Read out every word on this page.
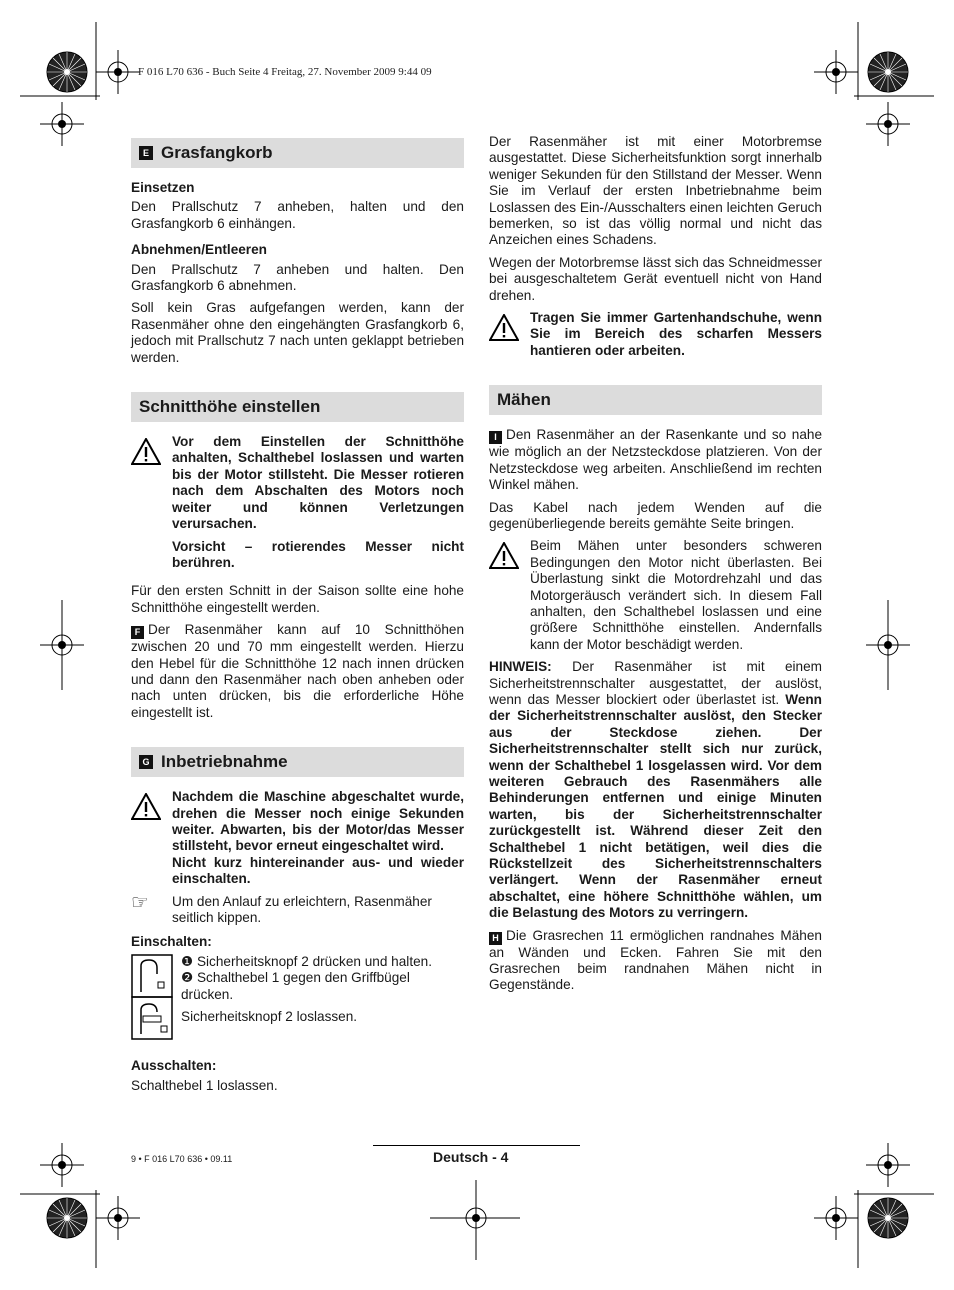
F 016 L70 636 - Buch Seite 4 Freitag, 27. November 2009 9:44 09
E Grasfangkorb
Einsetzen

Den Prallschutz 7 anheben, halten und den Grasfangkorb 6 einhängen.

Abnehmen/Entleeren

Den Prallschutz 7 anheben und halten. Den Grasfangkorb 6 abnehmen.

Soll kein Gras aufgefangen werden, kann der Rasenmäher ohne den eingehängten Grasfangkorb 6, jedoch mit Prallschutz 7 nach unten geklappt betrieben werden.

Schnitthöhe einstellen

Vor dem Einstellen der Schnitthöhe anhalten, Schalthebel loslassen und warten bis der Motor stillsteht. Die Messer rotieren nach dem Abschalten des Motors noch weiter und können Verletzungen verursachen.

Vorsicht – rotierendes Messer nicht berühren.

Für den ersten Schnitt in der Saison sollte eine hohe Schnitthöhe eingestellt werden.

F Der Rasenmäher kann auf 10 Schnitthöhen zwischen 20 und 70 mm eingestellt werden. Hierzu den Hebel für die Schnitthöhe 12 nach innen drücken und dann den Rasenmäher nach oben anheben oder nach unten drücken, bis die erforderliche Höhe eingestellt ist.

G Inbetriebnahme
Nachdem die Maschine abgeschaltet wurde, drehen die Messer noch einige Sekunden weiter. Abwarten, bis der Motor/das Messer stillsteht, bevor erneut eingeschaltet wird.
Nicht kurz hintereinander aus- und wieder einschalten.
☞	Um den Anlauf zu erleichtern, Rasenmäher seitlich kippen.
Einschalten:
❶ Sicherheitsknopf 2 drücken und halten.
❷ Schalthebel 1 gegen den Griffbügel drücken.
Sicherheitsknopf 2 loslassen.
Ausschalten:

Schalthebel 1 loslassen.

Der Rasenmäher ist mit einer Motorbremse ausgestattet. Diese Sicherheitsfunktion sorgt innerhalb weniger Sekunden für den Stillstand der Messer. Wenn Sie im Verlauf der ersten Inbetriebnahme beim Loslassen des Ein-/Ausschalters einen leichten Geruch bemerken, so ist das völlig normal und nicht das Anzeichen eines Schadens.

Wegen der Motorbremse lässt sich das Schneidmesser bei ausgeschaltetem Gerät eventuell nicht von Hand drehen.

Tragen Sie immer Gartenhandschuhe, wenn Sie im Bereich des scharfen Messers hantieren oder arbeiten.
Mähen

I Den Rasenmäher an der Rasenkante und so nahe wie möglich an der Netzsteckdose platzieren. Von der Netzsteckdose weg arbeiten. Anschließend im rechten Winkel mähen.

Das Kabel nach jedem Wenden auf die gegenüberliegende bereits gemähte Seite bringen.

Beim Mähen unter besonders schweren Bedingungen den Motor nicht überlasten. Bei Überlastung sinkt die Motordrehzahl und das Motorgeräusch verändert sich. In diesem Fall anhalten, den Schalthebel loslassen und eine größere Schnitthöhe einstellen. Andernfalls kann der Motor beschädigt werden.

HINWEIS: Der Rasenmäher ist mit einem Sicherheitstrennschalter ausgestattet, der auslöst, wenn das Messer blockiert oder überlastet ist. Wenn der Sicherheitstrennschalter auslöst, den Stecker aus der Steckdose ziehen. Der Sicherheitstrennschalter stellt sich nur zurück, wenn der Schalthebel 1 losgelassen wird. Vor dem weiteren Gebrauch des Rasenmähers alle Behinderungen entfernen und einige Minuten warten, bis der Sicherheitstrennschalter zurückgestellt ist. Während dieser Zeit den Schalthebel 1 nicht betätigen, weil dies die Rückstellzeit des Sicherheitstrennschalters verlängert. Wenn der Rasenmäher erneut abschaltet, eine höhere Schnitthöhe wählen, um die Belastung des Motors zu verringern.

H Die Grasrechen 11 ermöglichen randnahes Mähen an Wänden und Ecken. Fahren Sie mit den Grasrechen beim randnahen Mähen nicht in Gegenstände.

9 • F 016 L70 636 • 09.11	Deutsch - 4
